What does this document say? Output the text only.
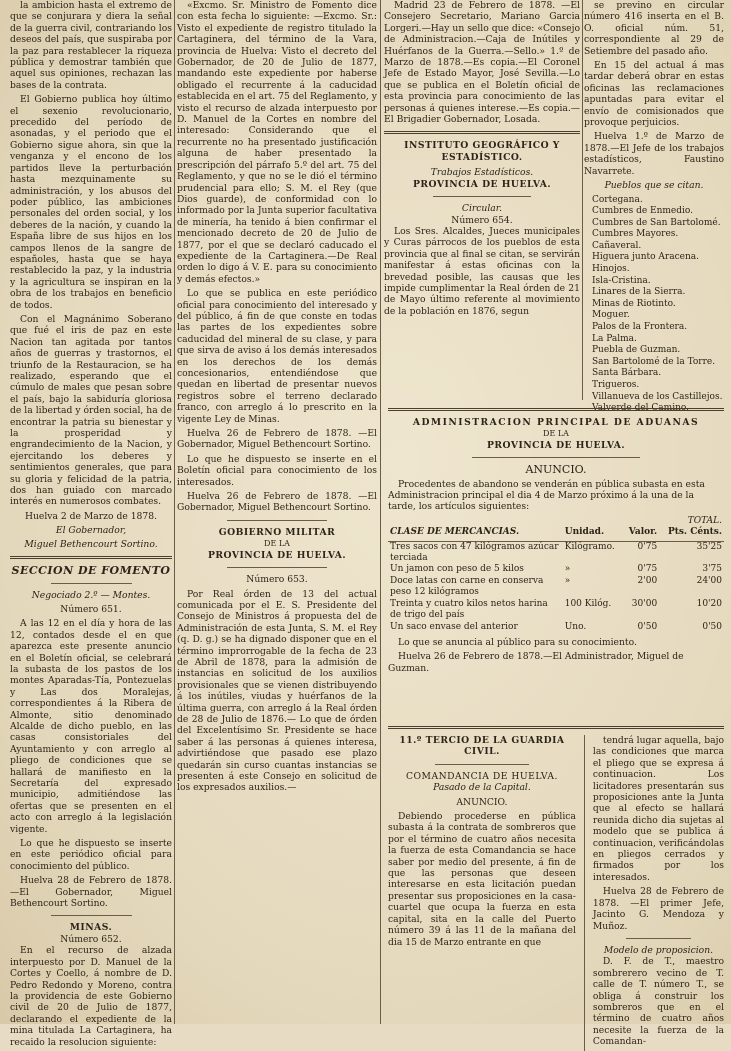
la ambicion hasta el extremo de que se conjurara y diera la señal de la guerra civil, contrariando los deseos del país, que suspiraba por la paz para restablecer la riqueza pública y demostrar también que aquel sus opiniones, rechazan las bases de la contrata.

El Gobierno publica hoy último el sexenio revolucionario, precedido del período de asonadas, y el periodo que el Gobierno sigue ahora, sin que la venganza y el encono de los partidos lleve la perturbación hasta mezquinamente su administración, y los abusos del poder público, las ambiciones personales del orden social, y los deberes de la nación, y cuando la España libre de sus hijos en los campos llenos de la sangre de españoles, hasta que se haya restablecido la paz, y la industria y la agricultura se inspiran en la obra de los trabajos en beneficio de todos.

Con el Magnánimo Soberano que fué el iris de paz en este Nacion tan agitada por tantos años de guerras y trastornos, el triunfo de la Restauracion, se ha realizado, esperando que el cúmulo de males que pesan sobre el país, bajo la sabiduría gloriosa de la libertad y órden social, ha de encontrar la patria su bienestar y la prosperidad y engrandecimiento de la Nacion, y ejercitando los deberes y sentimientos generales, que para su gloria y felicidad de la patria, dos han guiado con marcado interés en numerosos combates.

Huelva 2 de Marzo de 1878.

El Gobernador,
Miguel Bethencourt Sortino.
SECCION DE FOMENTO
Negociado 2.º — Montes.
Número 651.

A las 12 en el día y hora de las 12, contados desde el en que aparezca este presente anuncio en el Boletín oficial, se celebrará la subasta de los pastos de los montes Aparadas-Tía, Pontezuelas y Las dos Moralejas, correspondientes á la Ribera de Almonte, sitio denominado Alcalde de dicho pueblo, en las casas consistoriales del Ayuntamiento y con arreglo al pliego de condiciones que se hallará de manifiesto en la Secretaría del expresado municipio, admitiéndose las ofertas que se presenten en el acto con arreglo á la legislación vigente.

Lo que he dispuesto se inserte en este periódico oficial para conocimiento del público.

Huelva 28 de Febrero de 1878. —El Gobernador, Miguel Bethencourt Sortino.

MINAS.
Número 652.

En el recurso de alzada interpuesto por D. Manuel de la Cortes y Coello, á nombre de D. Pedro Redondo y Moreno, contra la providencia de este Gobierno civil de 20 de Julio de 1877, declarando el expediente de la mina titulada La Cartaginera, ha recaido la resolucion siguiente:

«Excmo. Sr. Ministro de Fomento dice con esta fecha lo siguiente: —Excmo. Sr.: Visto el expediente de registro titulado la Cartaginera, del término de la Vara, provincia de Huelva: Visto el decreto del Gobernador, de 20 de Julio de 1877, mandando este expediente por haberse obligado el recurrente á la caducidad establecida en el art. 75 del Reglamento, y visto el recurso de alzada interpuesto por D. Manuel de la Cortes en nombre del interesado: Considerando que el recurrente no ha presentado justificación alguna de haber presentado la prescripción del párrafo 5.º del art. 75 del Reglamento, y que no se le dió el término prudencial para ello; S. M. el Rey (que Dios guarde), de conformidad con lo informado por la Junta superior facultativa de minería, ha tenido á bien confirmar el mencionado decreto de 20 de Julio de 1877, por el que se declaró caducado el expediente de la Cartaginera.—De Real orden lo digo á V. E. para su conocimiento y demás efectos.»

Lo que se publica en este periódico oficial para conocimiento del interesado y del público, á fin de que conste en todas las partes de los expedientes sobre caducidad del mineral de su clase, y para que sirva de aviso á los demás interesados en los derechos de los demás concesionarios, entendiéndose que quedan en libertad de presentar nuevos registros sobre el terreno declarado franco, con arreglo á lo prescrito en la vigente Ley de Minas.

Huelva 26 de Febrero de 1878. —El Gobernador, Miguel Bethencourt Sortino.

Lo que he dispuesto se inserte en el Boletín oficial para conocimiento de los interesados.

Huelva 26 de Febrero de 1878. —El Gobernador, Miguel Bethencourt Sortino.

GOBIERNO MILITAR
DE LA
PROVINCIA DE HUELVA.
Número 653.

Por Real órden de 13 del actual comunicada por el E. S. Presidente del Consejo de Ministros á propuesta del de Administración de esta Junta, S. M. el Rey (q. D. g.) se ha dignado disponer que en el término improrrogable de la fecha de 23 de Abril de 1878, para la admisión de instancias en solicitud de los auxilios provisionales que se vienen distribuyendo á los inútiles, viudas y huérfanos de la última guerra, con arreglo á la Real órden de 28 de Julio de 1876.— Lo que de órden del Excelentísimo Sr. Presidente se hace saber á las personas á quienes interesa, advirtiéndose que pasado ese plazo quedarán sin curso cuantas instancias se presenten á este Consejo en solicitud de los expresados auxilios.—

Madrid 23 de Febrero de 1878. —El Consejero Secretario, Mariano Garcia Lorgeri.—Hay un sello que dice: «Consejo de Administracion.—Caja de Inútiles y Huérfanos de la Guerra.—Sello.» 1.º de Marzo de 1878.—Es copia.—El Coronel Jefe de Estado Mayor, José Sevilla.—Lo que se publica en el Boletín oficial de esta provincia para conocimiento de las personas á quienes interese.—Es copia.—El Brigadier Gobernador, Losada.

INSTITUTO GEOGRÁFICO Y ESTADÍSTICO.
Trabajos Estadísticos.
PROVINCIA DE HUELVA.
Circular.
Número 654.

Los Sres. Alcaldes, Jueces municipales y Curas párrocos de los pueblos de esta provincia que al final se citan, se servirán manifestar á estas oficinas con la brevedad posible, las causas que les impide cumplimentar la Real órden de 21 de Mayo último referente al movimiento de la población en 1876, segun

se previno en circular número 416 inserta en el B. O. oficial núm. 51, correspondiente al 29 de Setiembre del pasado año.

En 15 del actual á mas tardar deberá obrar en estas oficinas las reclamaciones apuntadas para evitar el envío de comisionados que provoque perjuicios.

Huelva 1.º de Marzo de 1878.—El Jefe de los trabajos estadísticos, Faustino Navarrete.

Pueblos que se citan.
Cortegana.
Cumbres de Enmedio.
Cumbres de San Bartolomé.
Cumbres Mayores.
Cañaveral.
Higuera junto Aracena.
Hinojos.
Isla-Cristina.
Linares de la Sierra.
Minas de Riotinto.
Moguer.
Palos de la Frontera.
La Palma.
Puebla de Guzman.
San Bartolomé de la Torre.
Santa Bárbara.
Trigueros.
Villanueva de los Castillejos.
Valverde del Camino.
ADMINISTRACION PRINCIPAL DE ADUANAS
DE LA
PROVINCIA DE HUELVA.
ANUNCIO.

Procedentes de abandono se venderán en pública subasta en esta Administracion principal el dia 4 de Marzo próximo á la una de la tarde, los artículos siguientes:

			TOTAL.
CLASE DE MERCANCIAS.	Unidad.	Valor.	Pts. Cénts.
Tres sacos con 47 kilógramos azúcar terciada	Kilógramo.	0'75	35'25
Un jamon con peso de 5 kilos	»	0'75	3'75
Doce latas con carne en conserva peso 12 kilógramos	»	2'00	24'00
Treinta y cuatro kilos netos harina de trigo del país	100 Kilóg.	30'00	10'20
Un saco envase del anterior	Uno.	0'50	0'50

Lo que se anuncia al público para su conocimiento.

Huelva 26 de Febrero de 1878.—El Administrador, Miguel de Guzman.

11.º TERCIO DE LA GUARDIA CIVIL.
COMANDANCIA DE HUELVA.
Pasado de la Capital.
ANUNCIO.

Debiendo procederse en pública subasta á la contrata de sombreros que por el término de cuatro años necesita la fuerza de esta Comandancia se hace saber por medio del presente, á fin de que las personas que deseen interesarse en esta licitación puedan presentar sus proposiciones en la casa-cuartel que ocupa la fuerza en esta capital, sita en la calle del Puerto número 39 á las 11 de la mañana del dia 15 de Marzo entrante en que

tendrá lugar aquella, bajo las condiciones que marca el pliego que se expresa á continuacion. Los licitadores presentarán sus proposiciones ante la Junta que al efecto se hallará reunida dicho dia sujetas al modelo que se publica á continuacion, verificándolas en pliegos cerrados y firmados por los interesados.

Huelva 28 de Febrero de 1878. —El primer Jefe, Jacinto G. Mendoza y Muñoz.

Modelo de proposicion.

D. F. de T., maestro sombrerero vecino de T. calle de T. número T., se obliga á construir los sombreros que en el término de cuatro años necesite la fuerza de la Comandan-
